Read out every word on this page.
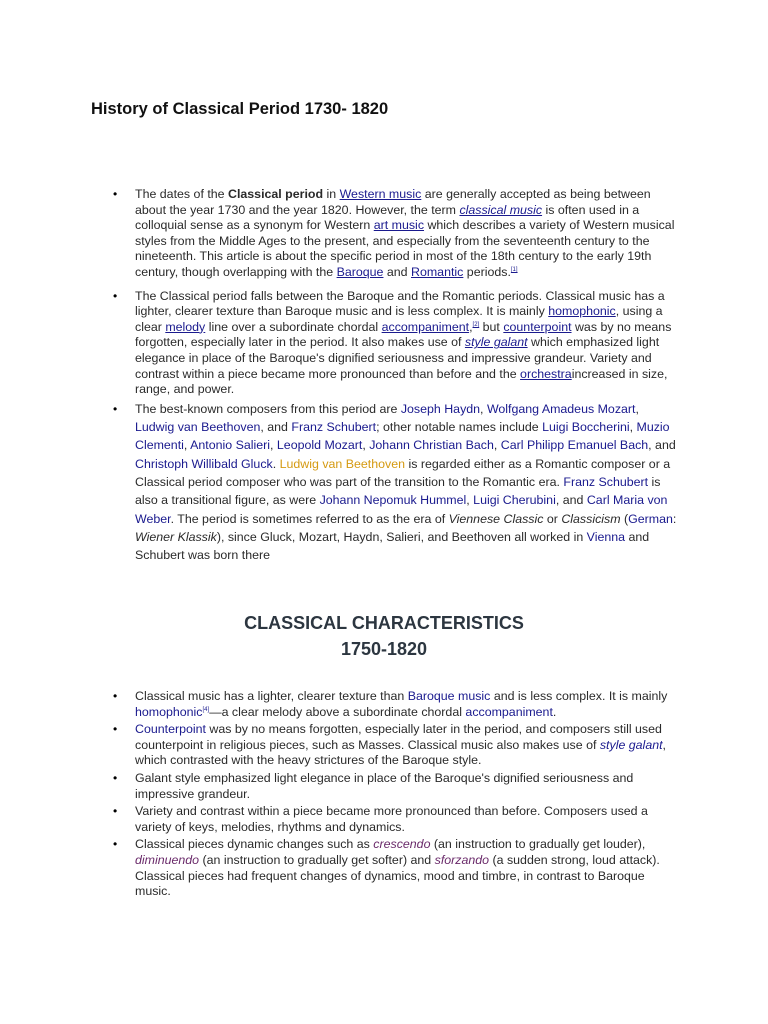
History of Classical Period 1730- 1820
• The dates of the Classical period in Western music are generally accepted as being between about the year 1730 and the year 1820. However, the term classical music is often used in a colloquial sense as a synonym for Western art music which describes a variety of Western musical styles from the Middle Ages to the present, and especially from the seventeenth century to the nineteenth. This article is about the specific period in most of the 18th century to the early 19th century, though overlapping with the Baroque and Romantic periods.[1]
• The Classical period falls between the Baroque and the Romantic periods. Classical music has a lighter, clearer texture than Baroque music and is less complex. It is mainly homophonic, using a clear melody line over a subordinate chordal accompaniment,[2] but counterpoint was by no means forgotten, especially later in the period. It also makes use of style galant which emphasized light elegance in place of the Baroque's dignified seriousness and impressive grandeur. Variety and contrast within a piece became more pronounced than before and the orchestraincreased in size, range, and power.
• The best-known composers from this period are Joseph Haydn, Wolfgang Amadeus Mozart, Ludwig van Beethoven, and Franz Schubert; other notable names include Luigi Boccherini, Muzio Clementi, Antonio Salieri, Leopold Mozart, Johann Christian Bach, Carl Philipp Emanuel Bach, and Christoph Willibald Gluck. Ludwig van Beethoven is regarded either as a Romantic composer or a Classical period composer who was part of the transition to the Romantic era. Franz Schubert is also a transitional figure, as were Johann Nepomuk Hummel, Luigi Cherubini, and Carl Maria von Weber. The period is sometimes referred to as the era of Viennese Classic or Classicism (German: Wiener Klassik), since Gluck, Mozart, Haydn, Salieri, and Beethoven all worked in Vienna and Schubert was born there
CLASSICAL CHARACTERISTICS
1750-1820
• Classical music has a lighter, clearer texture than Baroque music and is less complex. It is mainly homophonic[4]—a clear melody above a subordinate chordal accompaniment.
• Counterpoint was by no means forgotten, especially later in the period, and composers still used counterpoint in religious pieces, such as Masses. Classical music also makes use of style galant, which contrasted with the heavy strictures of the Baroque style.
• Galant style emphasized light elegance in place of the Baroque's dignified seriousness and impressive grandeur.
• Variety and contrast within a piece became more pronounced than before. Composers used a variety of keys, melodies, rhythms and dynamics.
• Classical pieces dynamic changes such as crescendo (an instruction to gradually get louder), diminuendo (an instruction to gradually get softer) and sforzando (a sudden strong, loud attack). Classical pieces had frequent changes of dynamics, mood and timbre, in contrast to Baroque music.
